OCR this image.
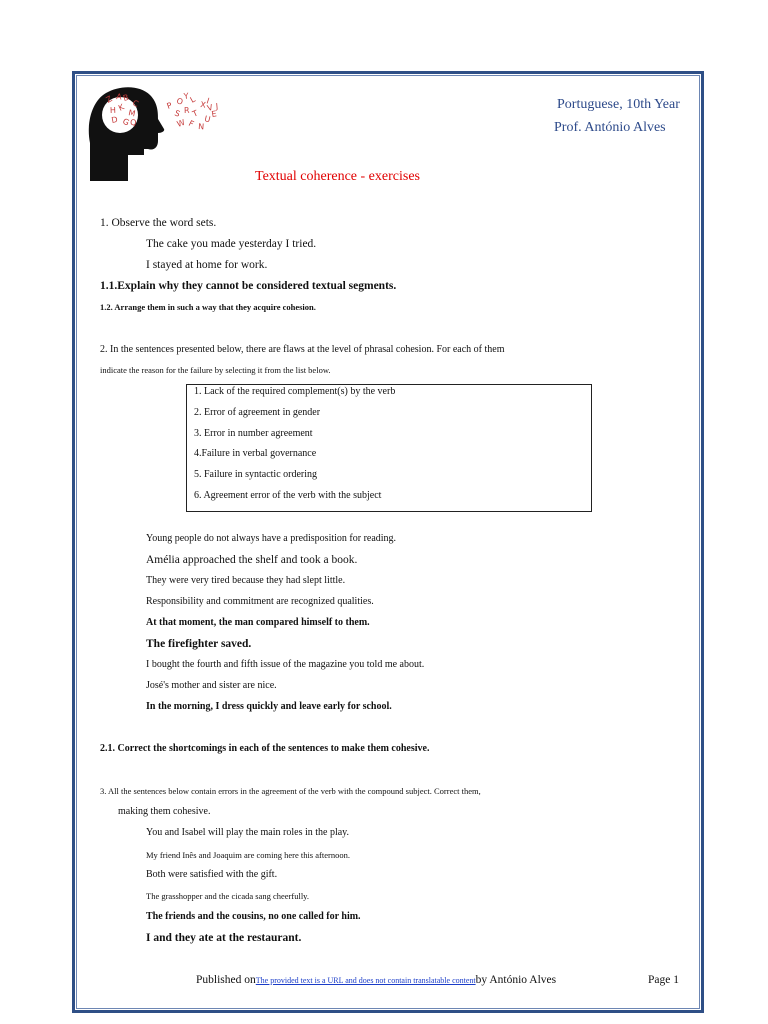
Z A B
C
H K
M
D G Q
P O
Y L
X V
S R T
U
E
F N
W
I
J	Portuguese, 10th Year
Prof. António Alves
Textual coherence - exercises
1. Observe the word sets.
The cake you made yesterday I tried.
I stayed at home for work.
1.1.Explain why they cannot be considered textual segments.
1.2. Arrange them in such a way that they acquire cohesion.
2. In the sentences presented below, there are flaws at the level of phrasal cohesion. For each of them
indicate the reason for the failure by selecting it from the list below.
1. Lack of the required complement(s) by the verb
2. Error of agreement in gender
3. Error in number agreement
4.Failure in verbal governance
5. Failure in syntactic ordering
6. Agreement error of the verb with the subject
Young people do not always have a predisposition for reading.
Amélia approached the shelf and took a book.
They were very tired because they had slept little.
Responsibility and commitment are recognized qualities.
At that moment, the man compared himself to them.
The firefighter saved.
I bought the fourth and fifth issue of the magazine you told me about.
José's mother and sister are nice.
In the morning, I dress quickly and leave early for school.
2.1. Correct the shortcomings in each of the sentences to make them cohesive.
3. All the sentences below contain errors in the agreement of the verb with the compound subject. Correct them,
making them cohesive.
You and Isabel will play the main roles in the play.
My friend Inês and Joaquim are coming here this afternoon.
Both were satisfied with the gift.
The grasshopper and the cicada sang cheerfully.
The friends and the cousins, no one called for him.
I and they ate at the restaurant.
Published onThe provided text is a URL and does not contain translatable contentby António Alves	Page 1
